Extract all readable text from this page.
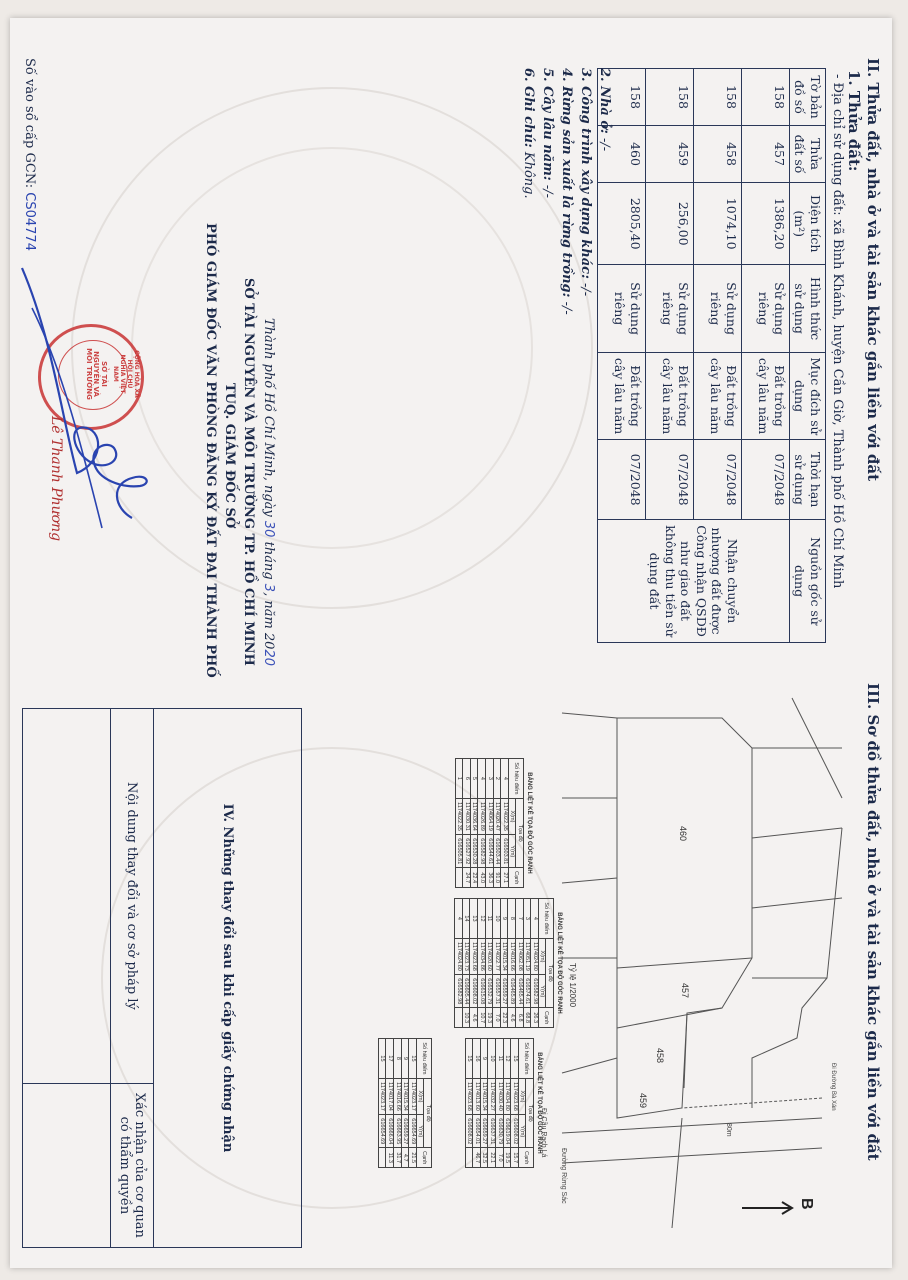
II. Thửa đất, nhà ở và tài sản khác gắn liền với đất
1. Thửa đất:
- Địa chỉ sử dụng đất: xã Bình Khánh, huyện Cần Giờ, Thành phố Hồ Chí Minh
Tờ bản đồ số	Thửa đất số	Diện tích (m²)	Hình thức sử dụng	Mục đích sử dụng	Thời hạn sử dụng	Nguồn gốc sử dụng
158	457	1386,20	Sử dụng riêng	Đất trồng cây lâu năm	07/2048	Nhận chuyển nhượng đất được Công nhận QSDĐ như giao đất không thu tiền sử dụng đất
158	458	1074,10	Sử dụng riêng	Đất trồng cây lâu năm	07/2048	
158	459	256,00	Sử dụng riêng	Đất trồng cây lâu năm	07/2048	
158	460	2805,40	Sử dụng riêng	Đất trồng cây lâu năm	07/2048	
2. Nhà ở: -/-
3. Công trình xây dựng khác: -/-
4. Rừng sản xuất là rừng trồng: -/-
5. Cây lâu năm: -/-
6. Ghi chú: Không.
Thành phố Hồ Chí Minh, ngày 30 tháng 3, năm 2020
SỞ TÀI NGUYÊN VÀ MÔI TRƯỜNG TP. HỒ CHÍ MINH
TUQ. GIÁM ĐỐC SỞ
PHÓ GIÁM ĐỐC VĂN PHÒNG ĐĂNG KÝ ĐẤT ĐAI THÀNH PHỐ
CỘNG HÒA XÃ HỘI CHỦ NGHĨA VIỆT NAM
SỞ TÀI NGUYÊN VÀ MÔI TRƯỜNG
Lê Thanh Phương
Số vào sổ cấp GCN: CS04774
III. Sơ đồ thửa đất, nhà ở và tài sản khác gắn liền với đất
460
457
458
459	Đi Đường Bà Xán
Đi Cầu Rạch Lá
Đường Rừng Sác
80m
Tỷ lệ 1/2000
B
BẢNG LIỆT KÊ TỌA ĐỘ GÓC RANH
Số hiệu điểm	Tọa độ		Cạnh
	X(m)	Y(m)	
4	1174022.35	616503.81	27.1
2	1174020.47	616503.44	91.0
3	1174064.19	616544.61	36.3
4	1174026.89	616582.98	43.0
5	1174036.64	616530.28	22.4
6	1174030.31	616527.92	24.7
1	1174022.35	616505.81	
BẢNG LIỆT KÊ TỌA ĐỘ GÓC RANH
Số hiệu điểm	Tọa độ		Cạnh
	X(m)	Y(m)	
4	1174024.80	616582.98	26.3
3	1174051.19	616574.61	68.8
7	1174062.08	616465.44	6.8
8	1174016.66	616465.89	4.6
9	1174015.34	616559.27	22.3
10	1174022.77	616557.31	7.0
11	1174020.60	616532.79	19.3
12	1174034.86	616615.08	10.7
13	1174023.68	616608.02	4.6
14	1174023.73	616605.44	10.3
4	1174024.80	616582.98	
BẢNG LIỆT KÊ TỌA ĐỘ GÓC RANH
Số hiệu điểm	Tọa độ		Cạnh
	X(m)	Y(m)	
15	1174023.68	616608.02	15.7
12	1174034.80	616619.04	19.5
11	1174030.40	616630.79	7.0
10	1174032.27	616637.31	22.1
9	1174015.34	616659.27	32.5
16	1174013.60	616654.01	46.7
15	1174023.68	616608.02	
Số hiệu điểm	Tọa độ		Cạnh
	X(m)	Y(m)	
15	1174023.17	616654.69	21.5
9	1174015.34	616659.27	4.7
8	1174016.66	616663.95	31.7
17	1174017.04	616666.04	11.3
15	1174023.17	616654.69	
IV. Những thay đổi sau khi cấp giấy chứng nhận	
Nội dung thay đổi và cơ sở pháp lý	Xác nhận của cơ quan có thẩm quyền
